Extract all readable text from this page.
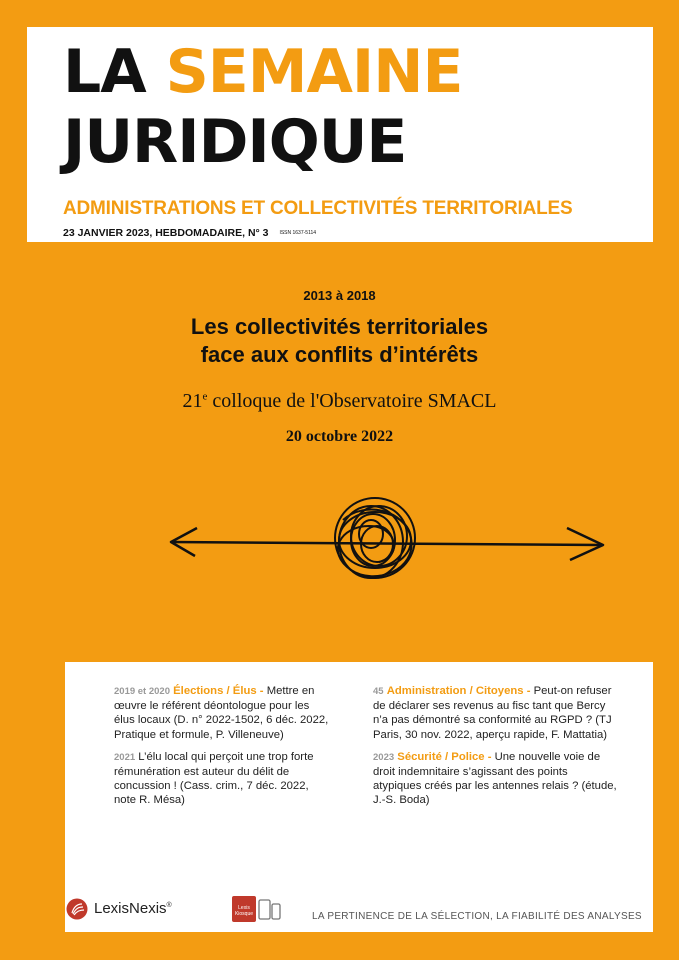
LA SEMAINE
JURIDIQUE
ADMINISTRATIONS ET COLLECTIVITÉS TERRITORIALES
23 JANVIER 2023, HEBDOMADAIRE, N° 3 ISSN 1637-5114
2013 à 2018
Les collectivités territoriales
face aux conflits d’intérêts
21e colloque de l'Observatoire SMACL
20 octobre 2022
2019 et 2020 Élections / Élus - Mettre en œuvre le référent déontologue pour les élus locaux (D. n° 2022-1502, 6 déc. 2022, Pratique et formule, P. Villeneuve)
2021 L’élu local qui perçoit une trop forte rémunération est auteur du délit de concussion ! (Cass. crim., 7 déc. 2022, note R. Mésa)
45 Administration / Citoyens - Peut-on refuser de déclarer ses revenus au fisc tant que Bercy n’a pas démontré sa conformité au RGPD ? (TJ Paris, 30 nov. 2022, aperçu rapide, F. Mattatia)
2023 Sécurité / Police - Une nouvelle voie de droit indemnitaire s’agissant des points atypiques créés par les antennes relais ? (étude, J.-S. Boda)
LexisNexis®	Lexis
Kiosque	LA PERTINENCE DE LA SÉLECTION, LA FIABILITÉ DES ANALYSES
